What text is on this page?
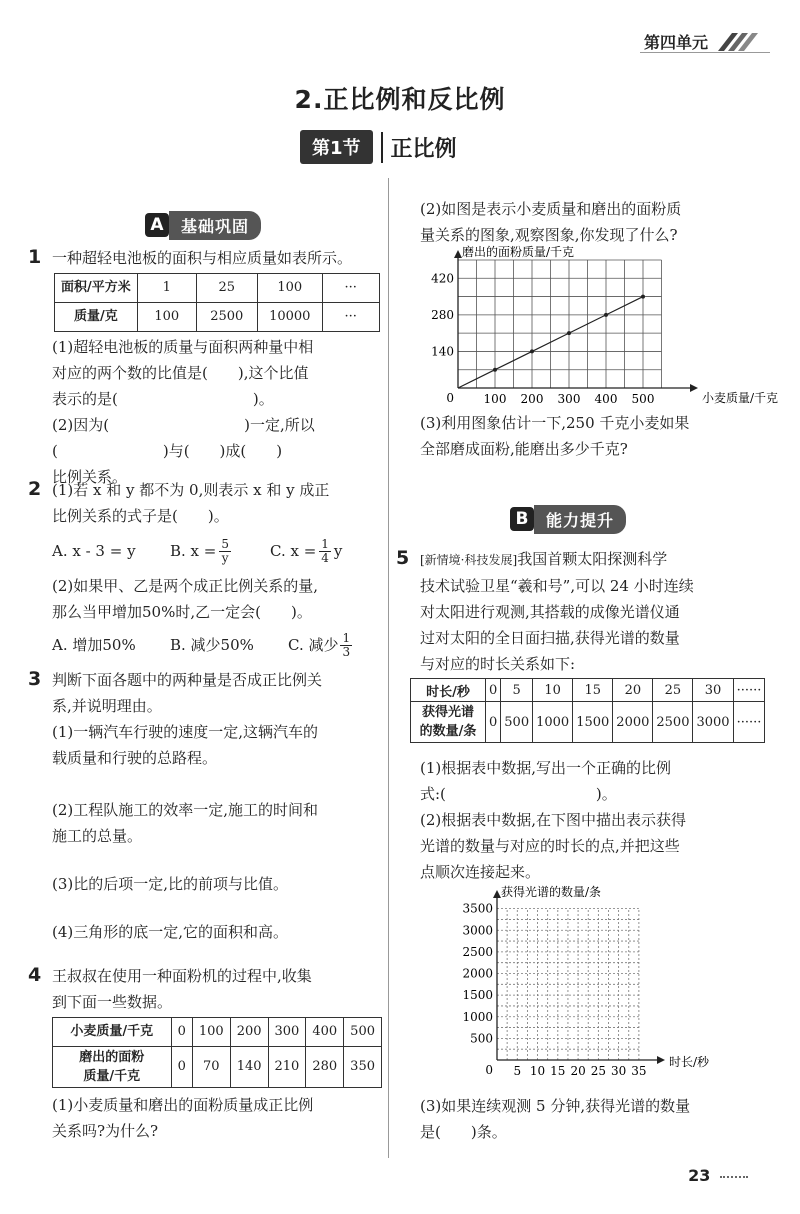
第四单元
2.正比例和反比例
第1节	正比例
A	基础巩固
1 一种超轻电池板的面积与相应质量如表所示。

面积/平方米	1	25	100	···
质量/克	100	2500	10000	···

(1)超轻电池板的质量与面积两种量中相

对应的两个数的比值是(　　),这个比值

表示的是(　　　　　　　　　)。

(2)因为(　　　　　　　　　)一定,所以

(　　　　　　　)与(　　)成(　　)

比例关系。

2 (1)若 x 和 y 都不为 0,则表示 x 和 y 成正

比例关系的式子是(　　)。

A. x - 3 = y	B. $x = \frac{5}{y}$	C. $x = \frac{1}{4}$ y

(2)如果甲、乙是两个成正比例关系的量,

那么当甲增加50%时,乙一定会(　　)。

A. 增加50%	B. 减少50%	C. 减少 $\frac{1}{3}$
3 判断下面各题中的两种量是否成正比例关

系,并说明理由。

(1)一辆汽车行驶的速度一定,这辆汽车的

载质量和行驶的总路程。

(2)工程队施工的效率一定,施工的时间和

施工的总量。

(3)比的后项一定,比的前项与比值。

(4)三角形的底一定,它的面积和高。

4 王叔叔在使用一种面粉机的过程中,收集

到下面一些数据。

小麦质量/千克	0	100	200	300	400	500
磨出的面粉
质量/千克	0	70	140	210	280	350

(1)小麦质量和磨出的面粉质量成正比例

关系吗?为什么?

(2)如图是表示小麦质量和磨出的面粉质

量关系的图象,观察图象,你发现了什么?

100 200 300 400 500
140
280
420
0	小麦质量/千克
磨出的面粉质量/千克

(3)利用图象估计一下,250 千克小麦如果

全部磨成面粉,能磨出多少千克?

B	能力提升
5 [新情境·科技发展]我国首颗太阳探测科学

技术试验卫星“羲和号”,可以 24 小时连续

对太阳进行观测,其搭载的成像光谱仪通

过对太阳的全日面扫描,获得光谱的数量

与对应的时长关系如下:

时长/秒	0	5	10	15	20	25	30	······
获得光谱
的数量/条	0	500	1000	1500	2000	2500	3000	······

(1)根据表中数据,写出一个正确的比例

式:(　　　　　　　　　　)。

(2)根据表中数据,在下图中描出表示获得

光谱的数量与对应的时长的点,并把这些

点顺次连接起来。

5 10 15 20 25 30 35
500
1000
1500
2000
2500
3000
3500
0
时长/秒
获得光谱的数量/条

(3)如果连续观测 5 分钟,获得光谱的数量

是(　　)条。

23
